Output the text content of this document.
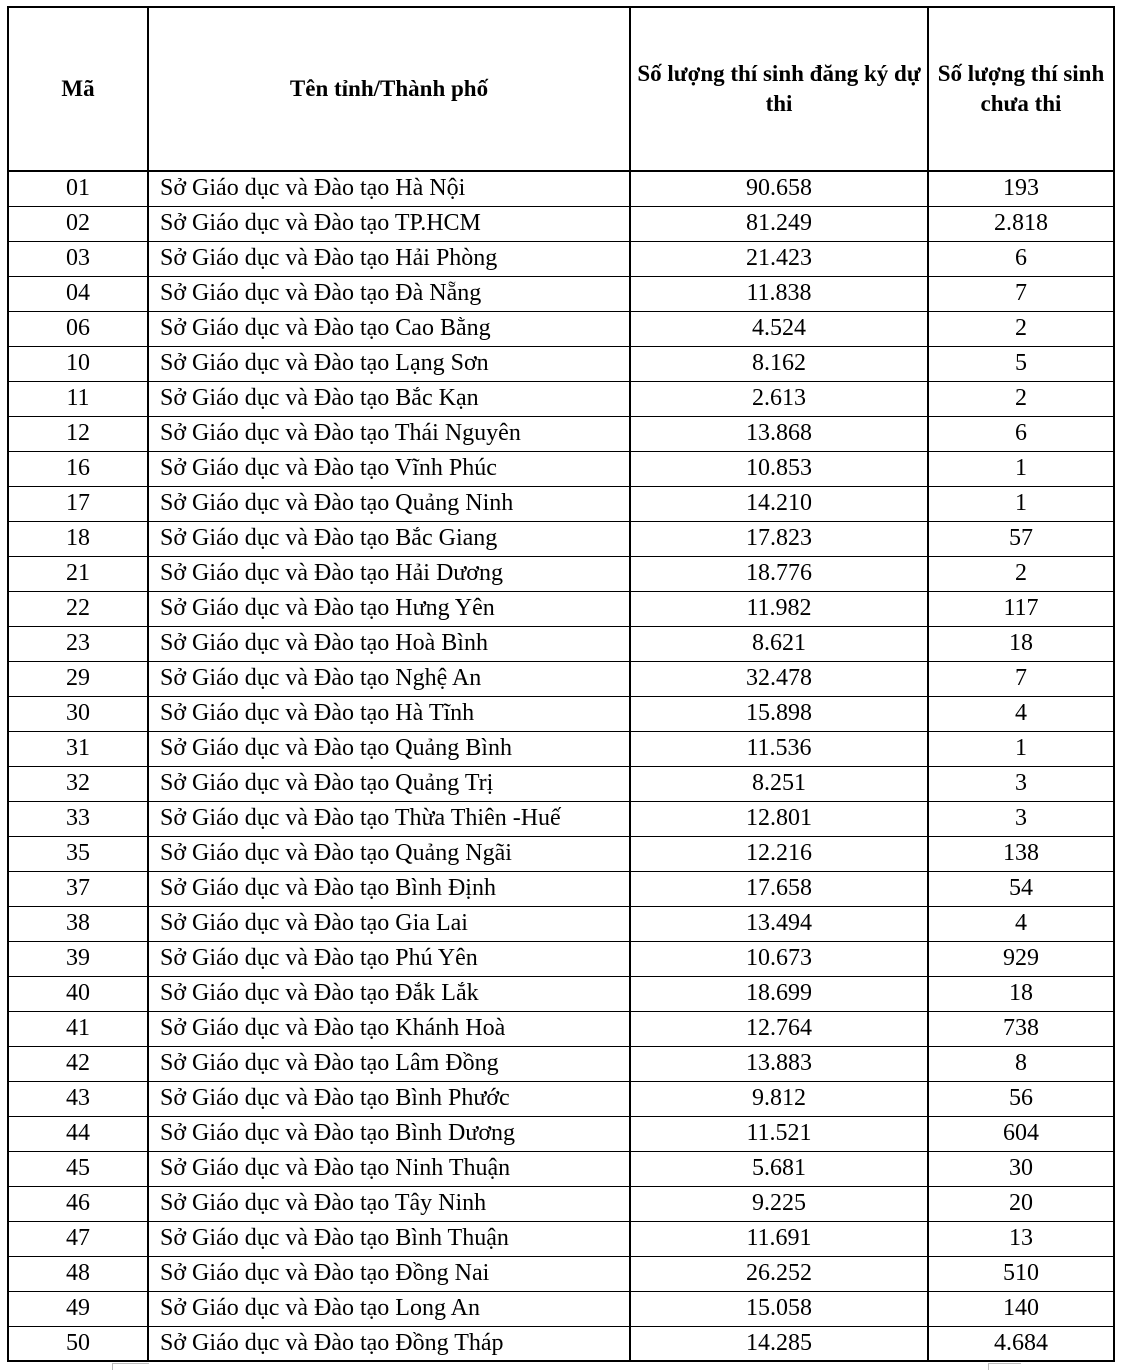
Mã	Tên tỉnh/Thành phố	Số lượng thí sinh đăng ký dự thi	Số lượng thí sinh chưa thi
01	Sở Giáo dục và Đào tạo Hà Nội	90.658	193
02	Sở Giáo dục và Đào tạo TP.HCM	81.249	2.818
03	Sở Giáo dục và Đào tạo Hải Phòng	21.423	6
04	Sở Giáo dục và Đào tạo Đà Nẵng	11.838	7
06	Sở Giáo dục và Đào tạo Cao Bằng	4.524	2
10	Sở Giáo dục và Đào tạo Lạng Sơn	8.162	5
11	Sở Giáo dục và Đào tạo Bắc Kạn	2.613	2
12	Sở Giáo dục và Đào tạo Thái Nguyên	13.868	6
16	Sở Giáo dục và Đào tạo Vĩnh Phúc	10.853	1
17	Sở Giáo dục và Đào tạo Quảng Ninh	14.210	1
18	Sở Giáo dục và Đào tạo Bắc Giang	17.823	57
21	Sở Giáo dục và Đào tạo Hải Dương	18.776	2
22	Sở Giáo dục và Đào tạo Hưng Yên	11.982	117
23	Sở Giáo dục và Đào tạo Hoà Bình	8.621	18
29	Sở Giáo dục và Đào tạo Nghệ An	32.478	7
30	Sở Giáo dục và Đào tạo Hà Tĩnh	15.898	4
31	Sở Giáo dục và Đào tạo Quảng Bình	11.536	1
32	Sở Giáo dục và Đào tạo Quảng Trị	8.251	3
33	Sở Giáo dục và Đào tạo Thừa Thiên -Huế	12.801	3
35	Sở Giáo dục và Đào tạo Quảng Ngãi	12.216	138
37	Sở Giáo dục và Đào tạo Bình Định	17.658	54
38	Sở Giáo dục và Đào tạo Gia Lai	13.494	4
39	Sở Giáo dục và Đào tạo Phú Yên	10.673	929
40	Sở Giáo dục và Đào tạo Đắk Lắk	18.699	18
41	Sở Giáo dục và Đào tạo Khánh Hoà	12.764	738
42	Sở Giáo dục và Đào tạo Lâm Đồng	13.883	8
43	Sở Giáo dục và Đào tạo Bình Phước	9.812	56
44	Sở Giáo dục và Đào tạo Bình Dương	11.521	604
45	Sở Giáo dục và Đào tạo Ninh Thuận	5.681	30
46	Sở Giáo dục và Đào tạo Tây Ninh	9.225	20
47	Sở Giáo dục và Đào tạo Bình Thuận	11.691	13
48	Sở Giáo dục và Đào tạo Đồng Nai	26.252	510
49	Sở Giáo dục và Đào tạo Long An	15.058	140
50	Sở Giáo dục và Đào tạo Đồng Tháp	14.285	4.684
